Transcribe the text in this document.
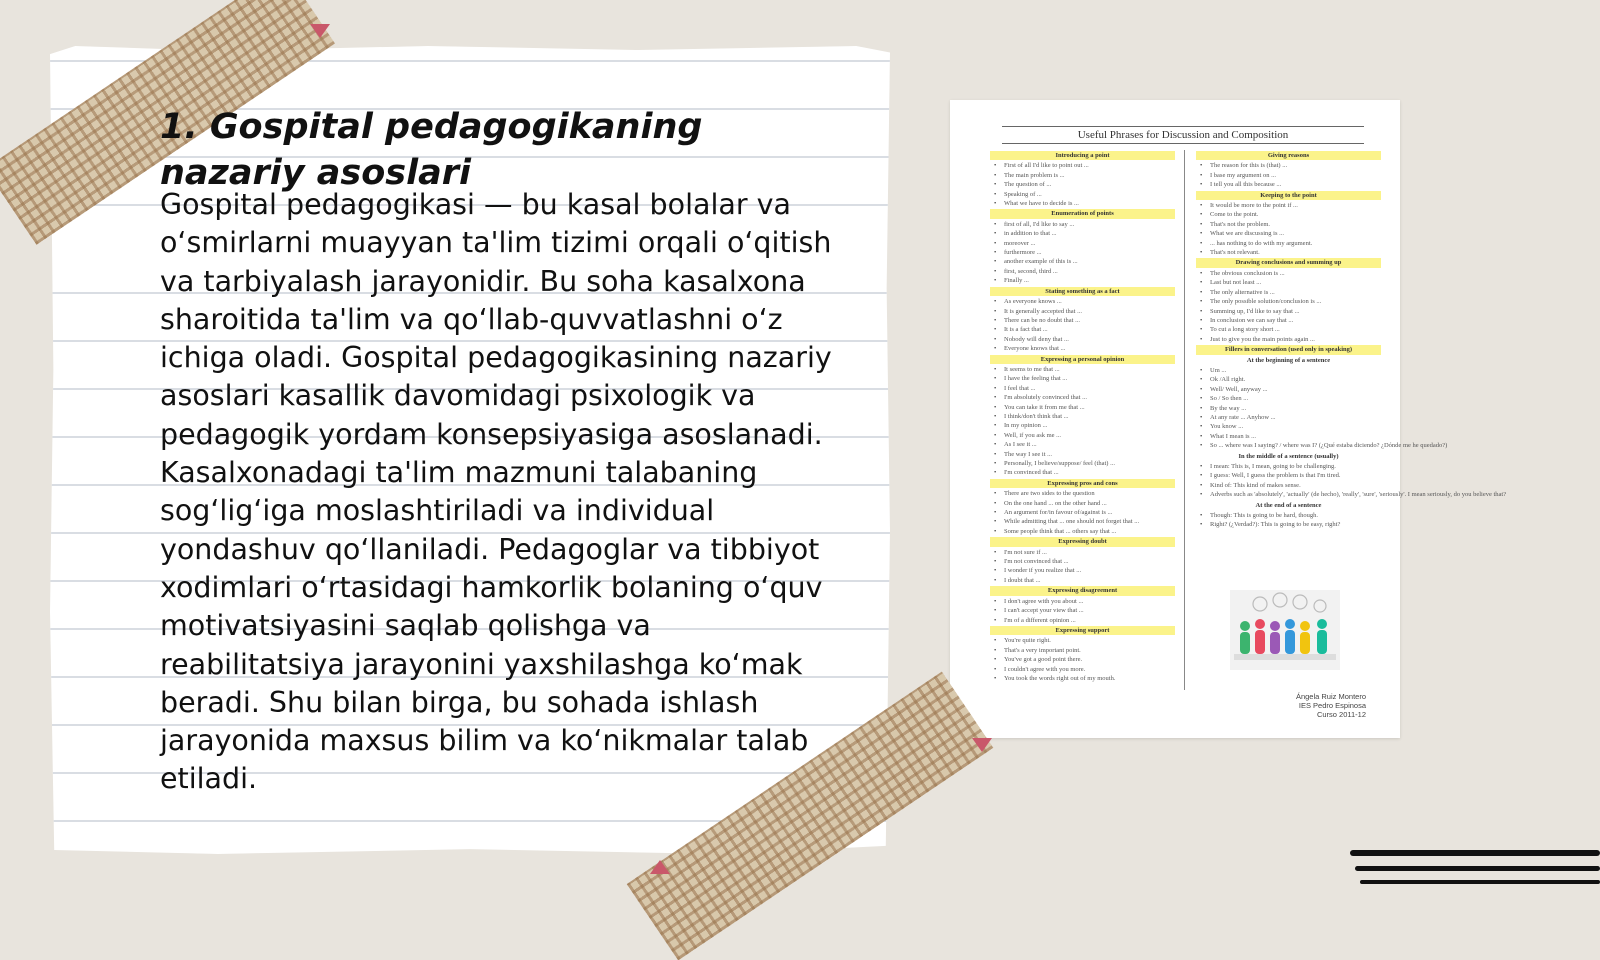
1. Gospital pedagogikaning nazariy asoslari

Gospital pedagogikasi — bu kasal bolalar va o‘smirlarni muayyan ta'lim tizimi orqali o‘qitish va tarbiyalash jarayonidir. Bu soha kasalxona sharoitida ta'lim va qo‘llab-quvvatlashni o‘z ichiga oladi. Gospital pedagogikasining nazariy asoslari kasallik davomidagi psixologik va pedagogik yordam konsepsiyasiga asoslanadi. Kasalxonadagi ta'lim mazmuni talabaning sog‘lig‘iga moslashtiriladi va individual yondashuv qo‘llaniladi. Pedagoglar va tibbiyot xodimlari o‘rtasidagi hamkorlik bolaning o‘quv motivatsiyasini saqlab qolishga va reabilitatsiya jarayonini yaxshilashga ko‘mak beradi. Shu bilan birga, bu sohada ishlash jarayonida maxsus bilim va ko‘nikmalar talab etiladi.

Useful Phrases for Discussion and Composition
Introducing a point
• First of all I'd like to point out ...
• The main problem is ...
• The question of ...
• Speaking of ...
• What we have to decide is ...
Enumeration of points
• first of all, I'd like to say ...
• in addition to that ...
• moreover ...
• furthermore ...
• another example of this is ...
• first, second, third ...
• Finally ...
Stating something as a fact
• As everyone knows ...
• It is generally accepted that ...
• There can be no doubt that ...
• It is a fact that ...
• Nobody will deny that ...
• Everyone knows that ...
Expressing a personal opinion
• It seems to me that ...
• I have the feeling that ...
• I feel that ...
• I'm absolutely convinced that ...
• You can take it from me that ...
• I think/don't think that ...
• In my opinion ...
• Well, if you ask me ...
• As I see it ...
• The way I see it ...
• Personally, I believe/suppose/ feel (that) ...
• I'm convinced that ...
Expressing pros and cons
• There are two sides to the question
• On the one hand ... on the other hand ...
• An argument for/in favour of/against is ...
• While admitting that ... one should not forget that ...
• Some people think that ... others say that ...
Expressing doubt
• I'm not sure if ...
• I'm not convinced that ...
• I wonder if you realize that ...
• I doubt that ...
Expressing disagreement
• I don't agree with you about ...
• I can't accept your view that ...
• I'm of a different opinion ...
Expressing support
• You're quite right.
• That's a very important point.
• You've got a good point there.
• I couldn't agree with you more.
• You took the words right out of my mouth.
Giving reasons
• The reason for this is (that) ...
• I base my argument on ...
• I tell you all this because ...
Keeping to the point
• It would be more to the point if ...
• Come to the point.
• That's not the problem.
• What we are discussing is ...
• ... has nothing to do with my argument.
• That's not relevant.
Drawing conclusions and summing up
• The obvious conclusion is ...
• Last but not least ...
• The only alternative is ...
• The only possible solution/conclusion is ...
• Summing up, I'd like to say that ...
• In conclusion we can say that ...
• To cut a long story short ...
• Just to give you the main points again ...
Fillers in conversation (used only in speaking)
At the beginning of a sentence
• Um ...
• Ok /All right.
• Well/ Well, anyway ...
• So / So then ...
• By the way ...
• At any rate ... Anyhow ...
• You know ...
• What I mean is ...
• So ... where was I saying? / where was I? (¿Qué estaba diciendo? ¿Dónde me he quedado?)
In the middle of a sentence (usually)
• I mean: This is, I mean, going to be challenging.
• I guess: Well, I guess the problem is that I'm tired.
• Kind of: This kind of makes sense.
• Adverbs such as 'absolutely', 'actually' (de hecho), 'really', 'sure', 'seriously'. I mean seriously, do you believe that?
At the end of a sentence
• Though: This is going to be hard, though.
• Right? (¿Verdad?): This is going to be easy, right?
Ángela Ruiz Montero
IES Pedro Espinosa
Curso 2011-12
